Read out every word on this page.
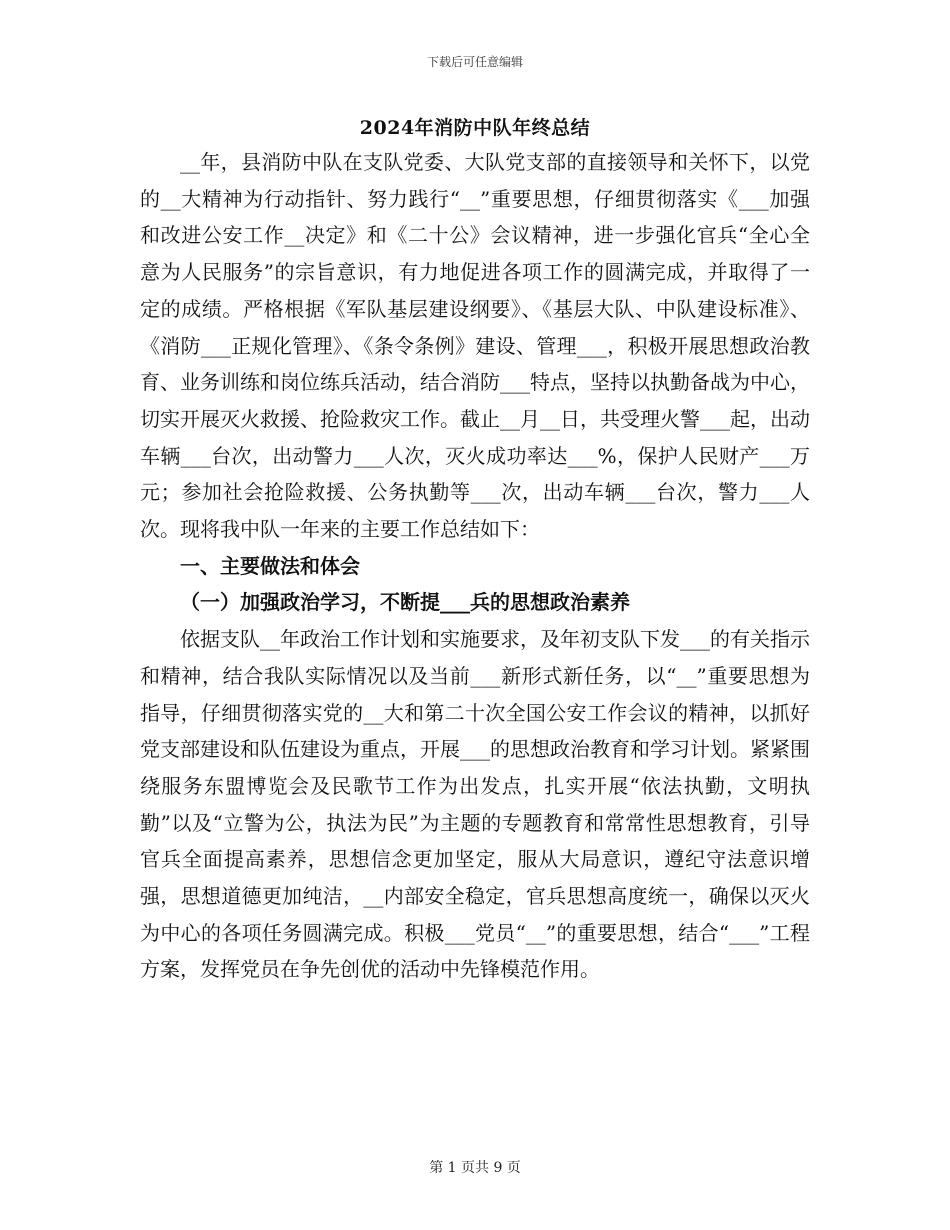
下载后可任意编辑
2024年消防中队年终总结

__年，县消防中队在支队党委、大队党支部的直接领导和关怀下，以党的__大精神为行动指针、努力践行“__”重要思想，仔细贯彻落实《___加强和改进公安工作__决定》和《二十公》会议精神，进一步强化官兵“全心全意为人民服务”的宗旨意识，有力地促进各项工作的圆满完成，并取得了一定的成绩。严格根据《军队基层建设纲要》、《基层大队、中队建设标准》、《消防___正规化管理》、《条令条例》建设、管理___，积极开展思想政治教育、业务训练和岗位练兵活动，结合消防___特点，坚持以执勤备战为中心，切实开展灭火救援、抢险救灾工作。截止__月__日，共受理火警___起，出动车辆___台次，出动警力___人次，灭火成功率达___%，保护人民财产___万元；参加社会抢险救援、公务执勤等___次，出动车辆___台次，警力___人次。现将我中队一年来的主要工作总结如下：

一、主要做法和体会

（一）加强政治学习，不断提___兵的思想政治素养

依据支队__年政治工作计划和实施要求，及年初支队下发___的有关指示和精神，结合我队实际情况以及当前___新形式新任务，以“__”重要思想为指导，仔细贯彻落实党的__大和第二十次全国公安工作会议的精神，以抓好党支部建设和队伍建设为重点，开展___的思想政治教育和学习计划。紧紧围绕服务东盟博览会及民歌节工作为出发点，扎实开展“依法执勤，文明执勤”以及“立警为公，执法为民”为主题的专题教育和常常性思想教育，引导官兵全面提高素养，思想信念更加坚定，服从大局意识，遵纪守法意识增强，思想道德更加纯洁，__内部安全稳定，官兵思想高度统一，确保以灭火为中心的各项任务圆满完成。积极___党员“__”的重要思想，结合“___”工程方案，发挥党员在争先创优的活动中先锋模范作用。

第 1 页共 9 页
